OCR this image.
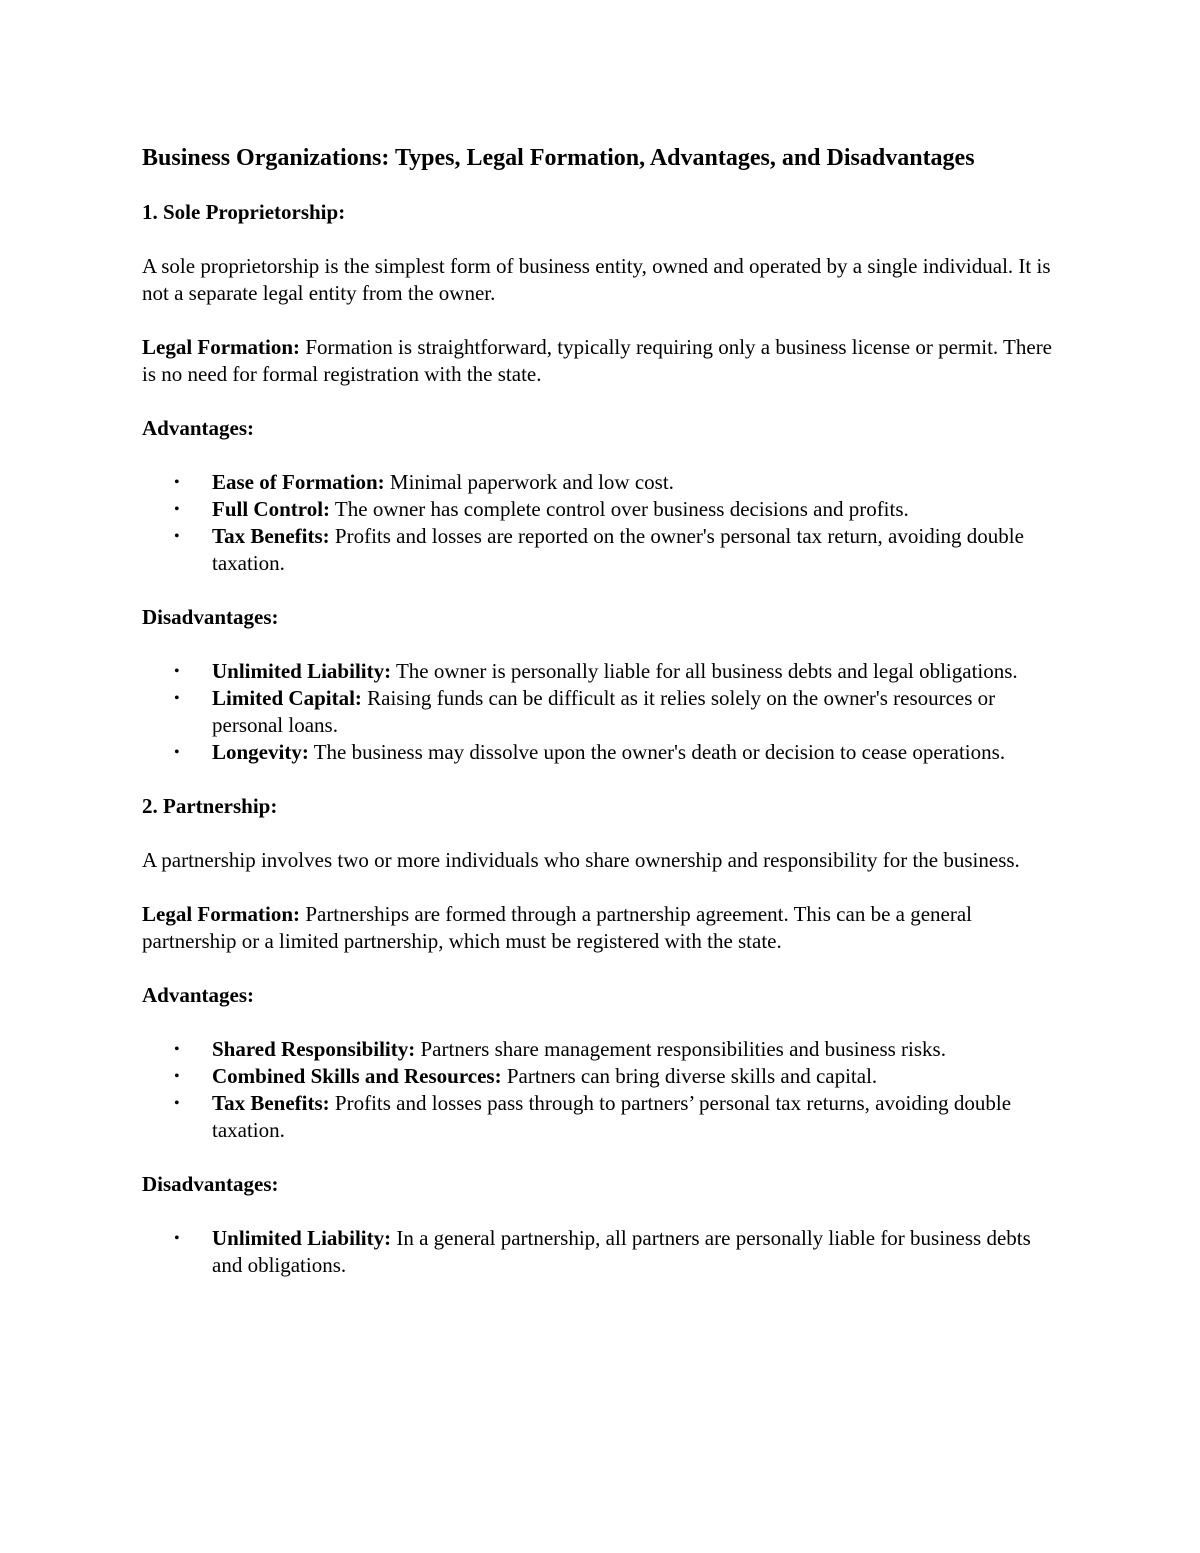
Business Organizations: Types, Legal Formation, Advantages, and Disadvantages
1. Sole Proprietorship:

A sole proprietorship is the simplest form of business entity, owned and operated by a single individual. It is not a separate legal entity from the owner.

Legal Formation: Formation is straightforward, typically requiring only a business license or permit. There is no need for formal registration with the state.

Advantages:
• Ease of Formation: Minimal paperwork and low cost.
• Full Control: The owner has complete control over business decisions and profits.
• Tax Benefits: Profits and losses are reported on the owner's personal tax return, avoiding double taxation.
Disadvantages:
• Unlimited Liability: The owner is personally liable for all business debts and legal obligations.
• Limited Capital: Raising funds can be difficult as it relies solely on the owner's resources or personal loans.
• Longevity: The business may dissolve upon the owner's death or decision to cease operations.
2. Partnership:

A partnership involves two or more individuals who share ownership and responsibility for the business.

Legal Formation: Partnerships are formed through a partnership agreement. This can be a general partnership or a limited partnership, which must be registered with the state.

Advantages:
• Shared Responsibility: Partners share management responsibilities and business risks.
• Combined Skills and Resources: Partners can bring diverse skills and capital.
• Tax Benefits: Profits and losses pass through to partners’ personal tax returns, avoiding double taxation.
Disadvantages:
• Unlimited Liability: In a general partnership, all partners are personally liable for business debts and obligations.
